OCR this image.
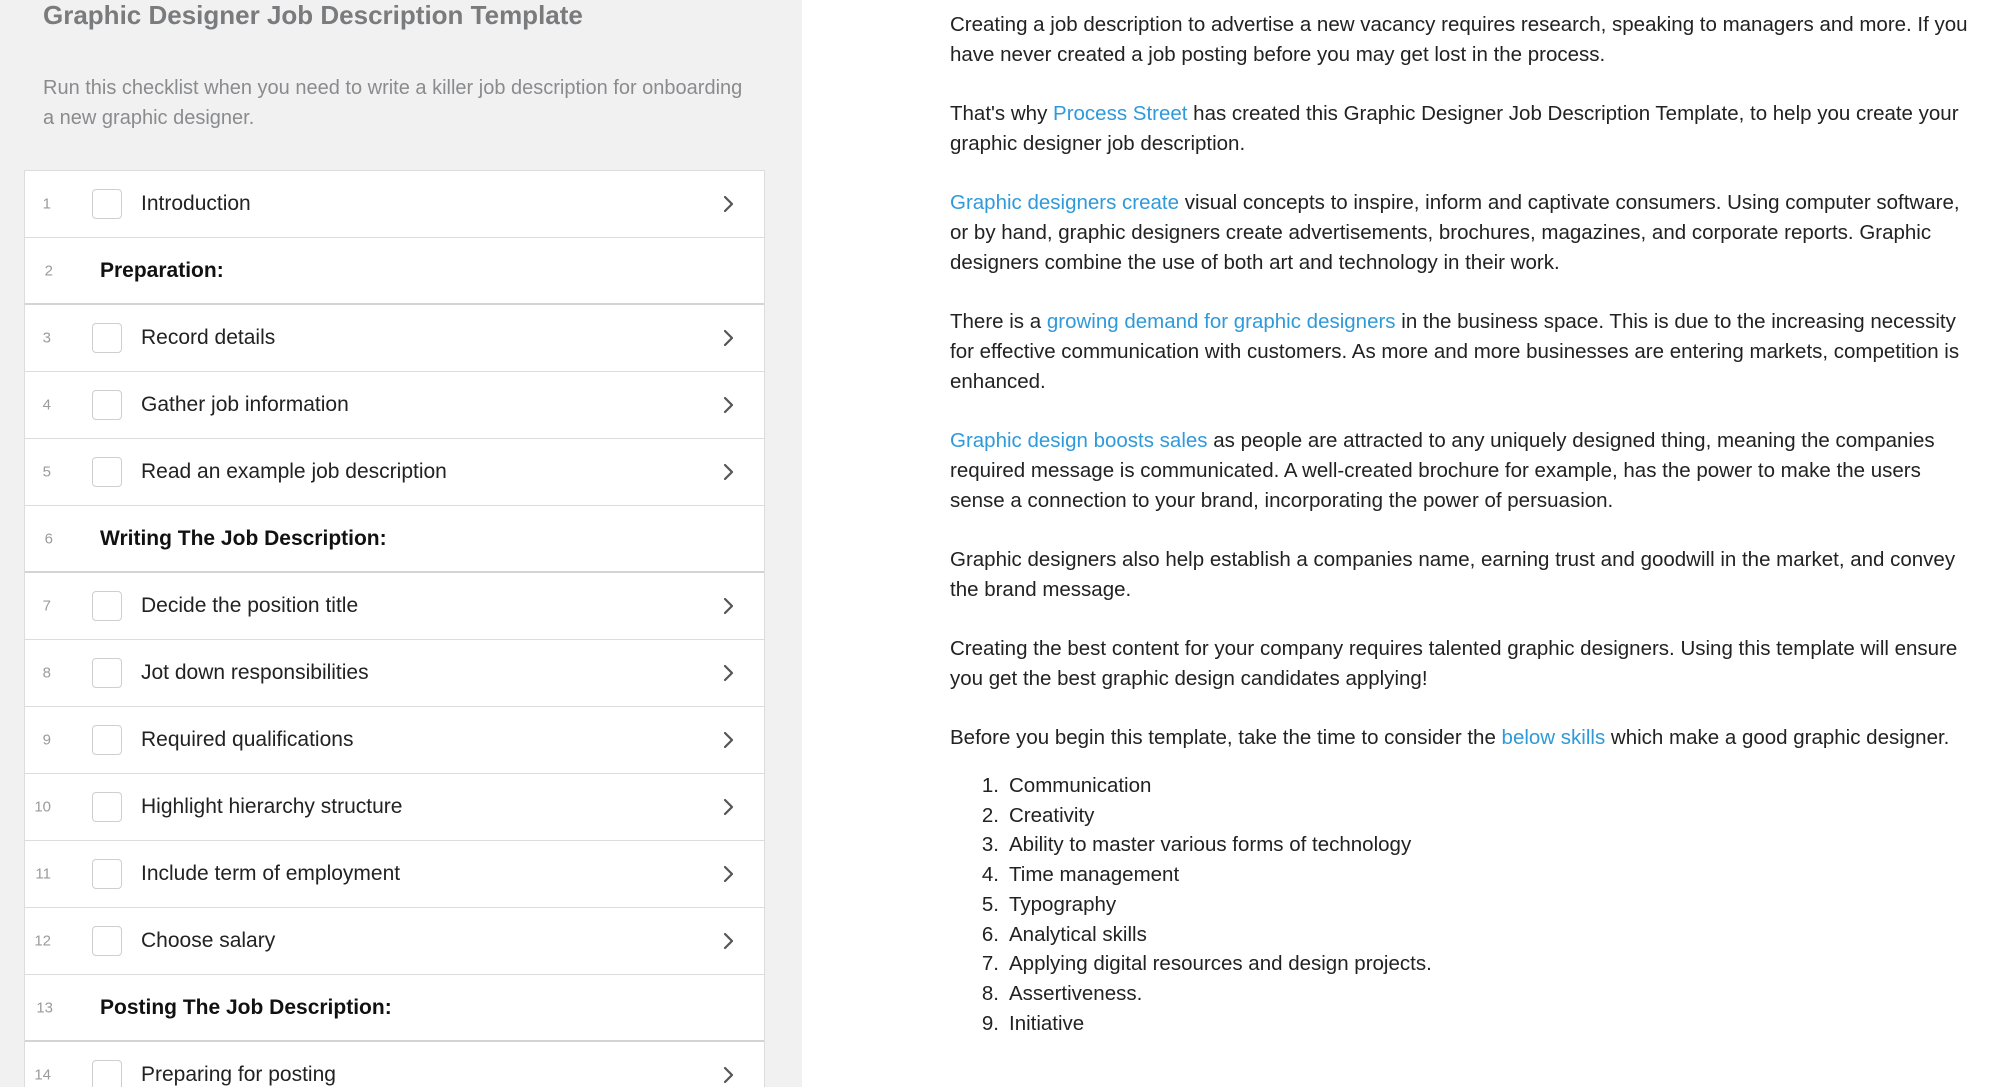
Graphic Designer Job Description Template
Run this checklist when you need to write a killer job description for onboarding a new graphic designer.
1	Introduction
2 Preparation:
3	Record details
4	Gather job information
5	Read an example job description
6 Writing The Job Description:
7	Decide the position title
8	Jot down responsibilities
9	Required qualifications
10	Highlight hierarchy structure
11	Include term of employment
12	Choose salary
13 Posting The Job Description:
14	Preparing for posting

Creating a job description to advertise a new vacancy requires research, speaking to managers and more. If you have never created a job posting before you may get lost in the process.

That's why Process Street has created this Graphic Designer Job Description Template, to help you create your graphic designer job description.

Graphic designers create visual concepts to inspire, inform and captivate consumers. Using computer software, or by hand, graphic designers create advertisements, brochures, magazines, and corporate reports. Graphic designers combine the use of both art and technology in their work.

There is a growing demand for graphic designers in the business space. This is due to the increasing necessity for effective communication with customers. As more and more businesses are entering markets, competition is enhanced.

Graphic design boosts sales as people are attracted to any uniquely designed thing, meaning the companies required message is communicated. A well-created brochure for example, has the power to make the users sense a connection to your brand, incorporating the power of persuasion.

Graphic designers also help establish a companies name, earning trust and goodwill in the market, and convey the brand message.

Creating the best content for your company requires talented graphic designers. Using this template will ensure you get the best graphic design candidates applying!

Before you begin this template, take the time to consider the below skills which make a good graphic designer.

1. Communication
2. Creativity
3. Ability to master various forms of technology
4. Time management
5. Typography
6. Analytical skills
7. Applying digital resources and design projects.
8. Assertiveness.
9. Initiative
